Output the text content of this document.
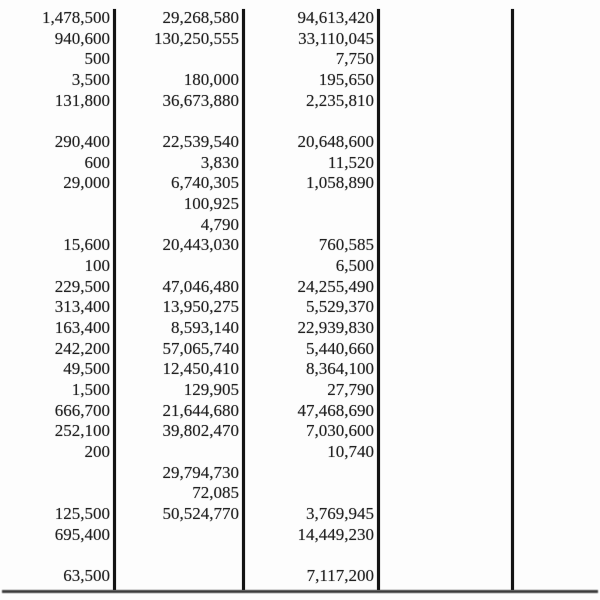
1,478,500
940,600
500
3,500
131,800
290,400
600
29,000
15,600
100
229,500
313,400
163,400
242,200
49,500
1,500
666,700
252,100
200
125,500
695,400
63,500
29,268,580
130,250,555
180,000
36,673,880
22,539,540
3,830
6,740,305
100,925
4,790
20,443,030
47,046,480
13,950,275
8,593,140
57,065,740
12,450,410
129,905
21,644,680
39,802,470
29,794,730
72,085
50,524,770
94,613,420
33,110,045
7,750
195,650
2,235,810
20,648,600
11,520
1,058,890
760,585
6,500
24,255,490
5,529,370
22,939,830
5,440,660
8,364,100
27,790
47,468,690
7,030,600
10,740
3,769,945
14,449,230
7,117,200
